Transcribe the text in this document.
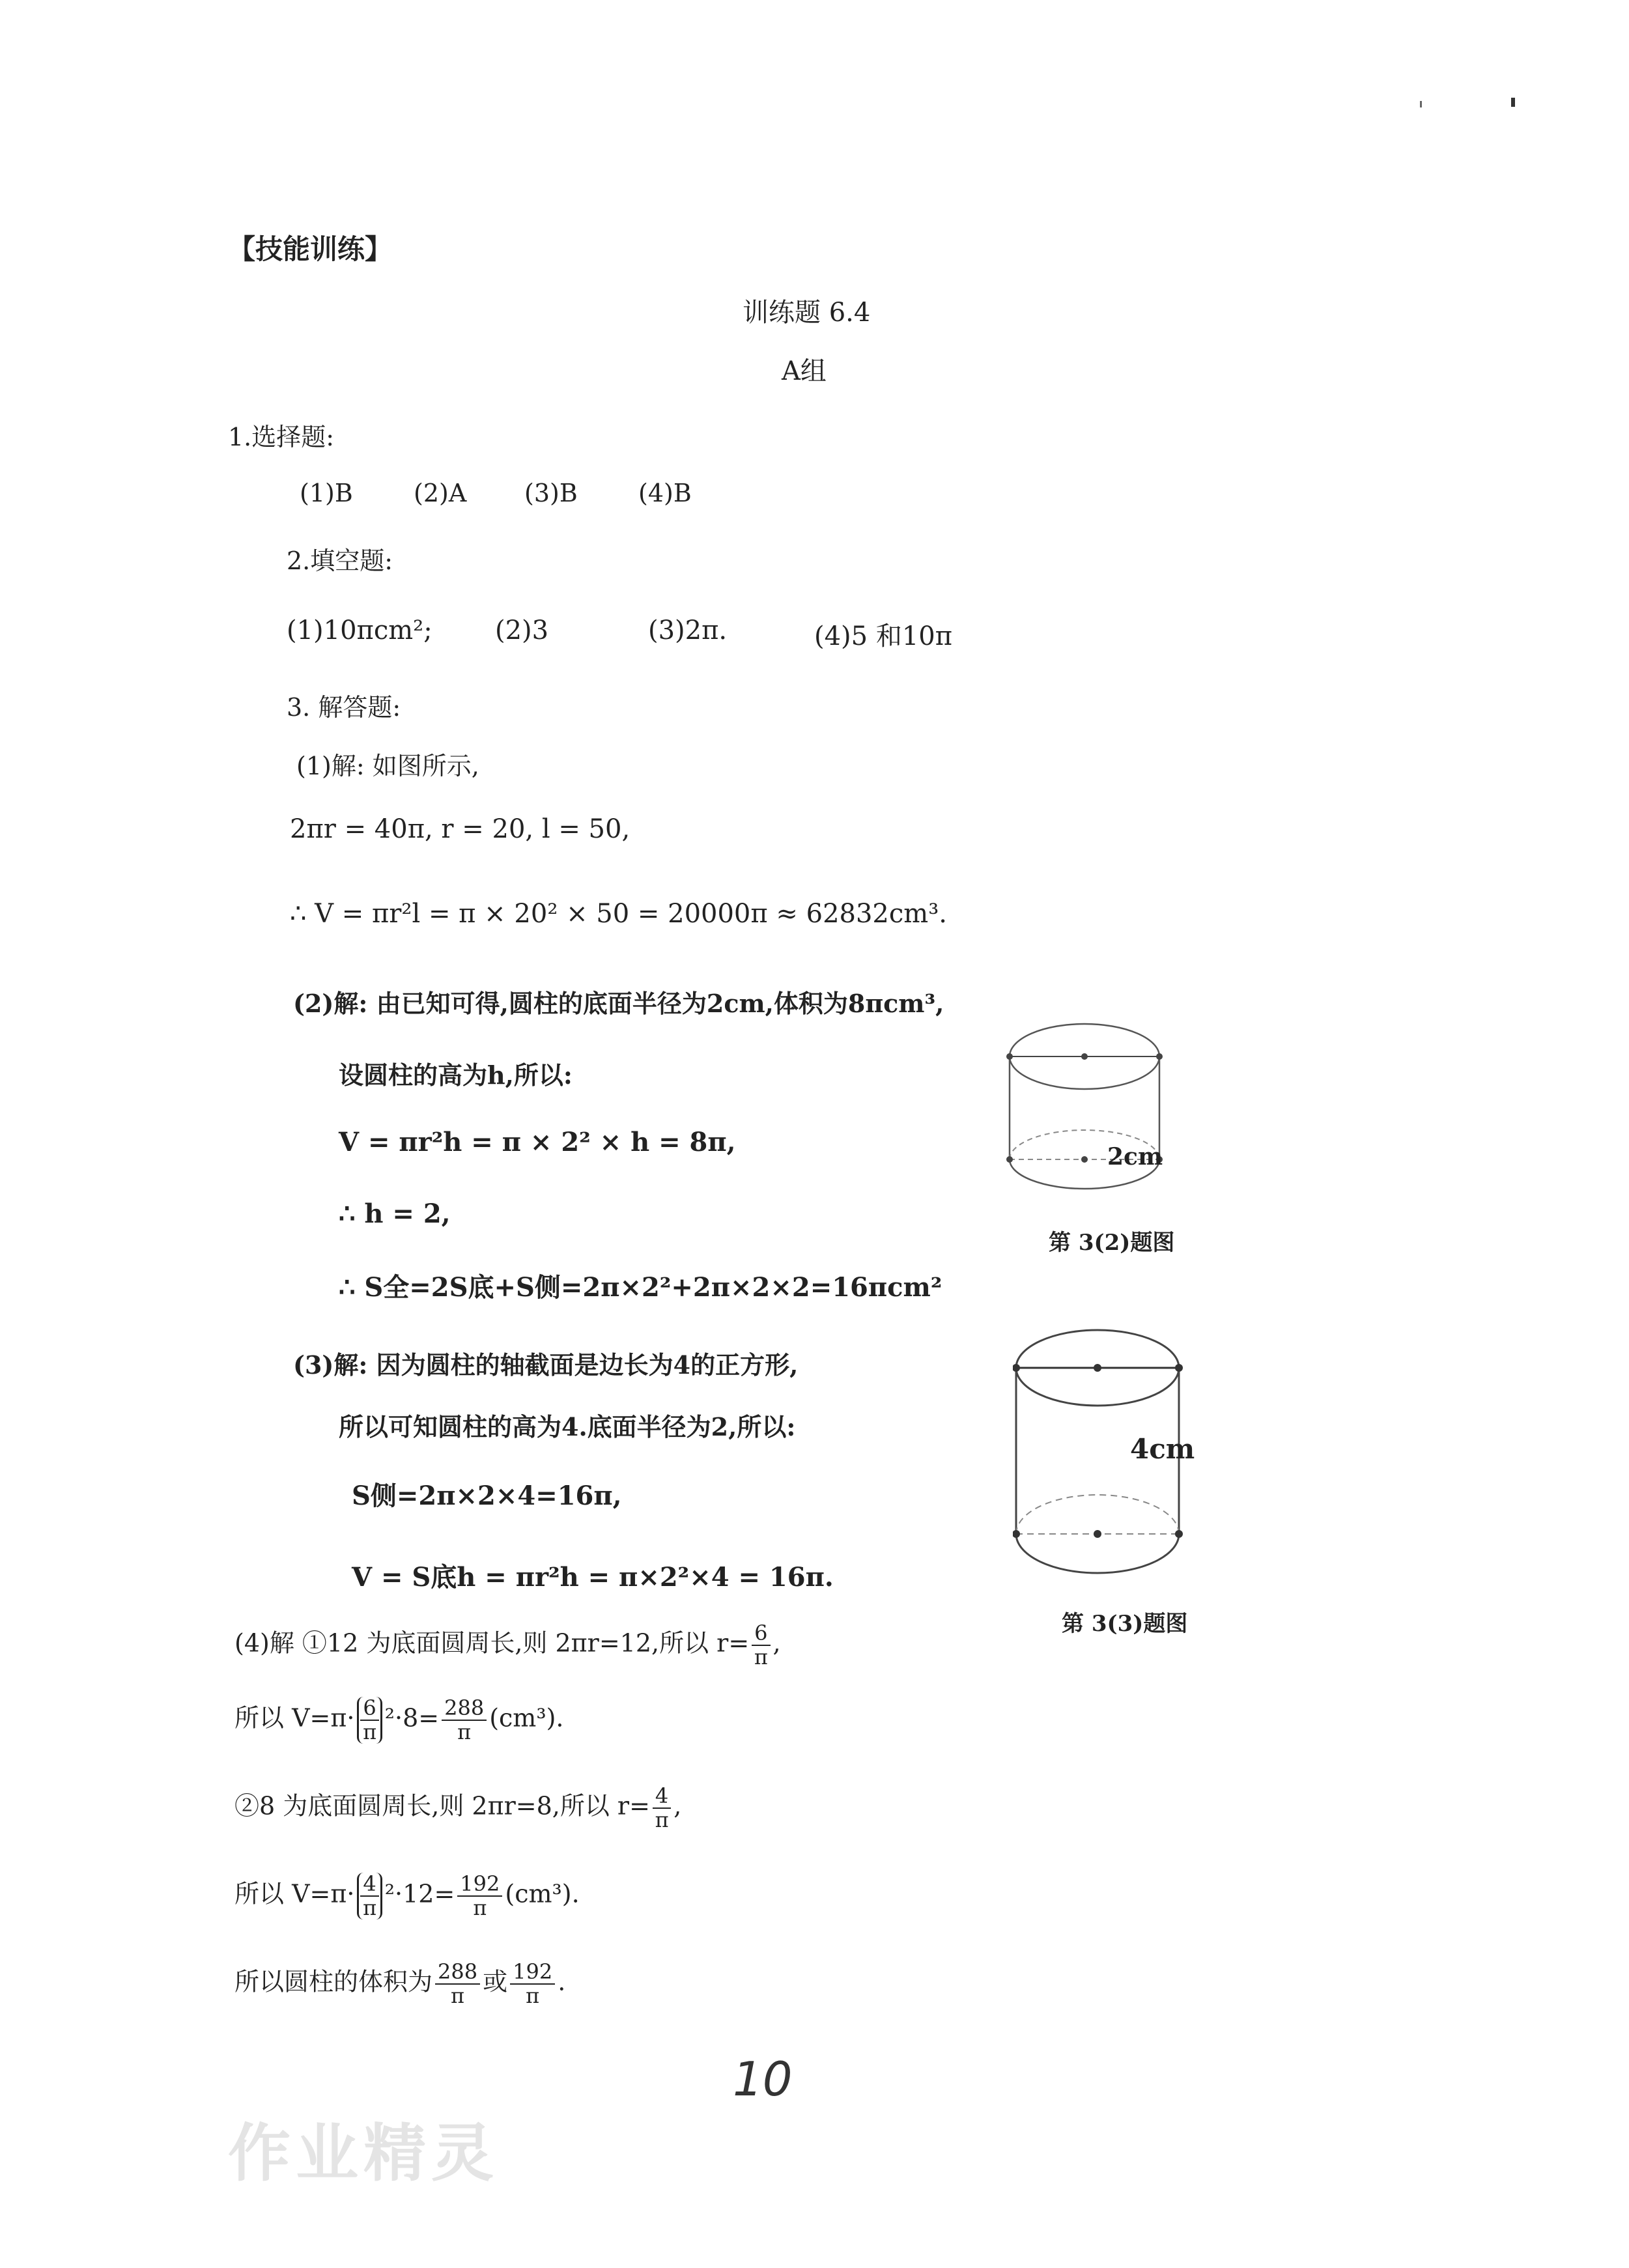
【技能训练】
训练题 6.4
A组
1.选择题:
(1)B (2)A (3)B (4)B
2.填空题:
(1)10πcm²; (2)3	(3)2π.	(4)5 和10π
3. 解答题:
(1)解: 如图所示,
2πr = 40π, r = 20, l = 50,
∴ V = πr²l = π × 20² × 50 = 20000π ≈ 62832cm³.
(2)解: 由已知可得,圆柱的底面半径为2cm,体积为8πcm³,
设圆柱的高为h,所以:
V = πr²h = π × 2² × h = 8π,
∴ h = 2,
∴ S全=2S底+S侧=2π×2²+2π×2×2=16πcm²
(3)解: 因为圆柱的轴截面是边长为4的正方形,
所以可知圆柱的高为4.底面半径为2,所以:
S侧=2π×2×4=16π,
V = S底h = πr²h = π×2²×4 = 16π.
(4)解 ①12 为底面圆周长,则 2πr=12,所以 $r= \frac{6}{\pi}$ ,
所以 $V=\pi\cdot \frac{6}{\pi} ^2\cdot 8= \frac{288}{\pi} (cm^3)$.
②8 为底面圆周长,则 2πr=8,所以 $r= \frac{4}{\pi}$ ,
所以 $V=\pi\cdot \frac{4}{\pi} ^2\cdot 12= \frac{192}{\pi} (cm^3)$.
所以圆柱的体积为 $\frac{288}{\pi}$ 或 $\frac{192}{\pi}$ .
2cm
第 3(2)题图
4cm
第 3(3)题图
10
作业精灵
